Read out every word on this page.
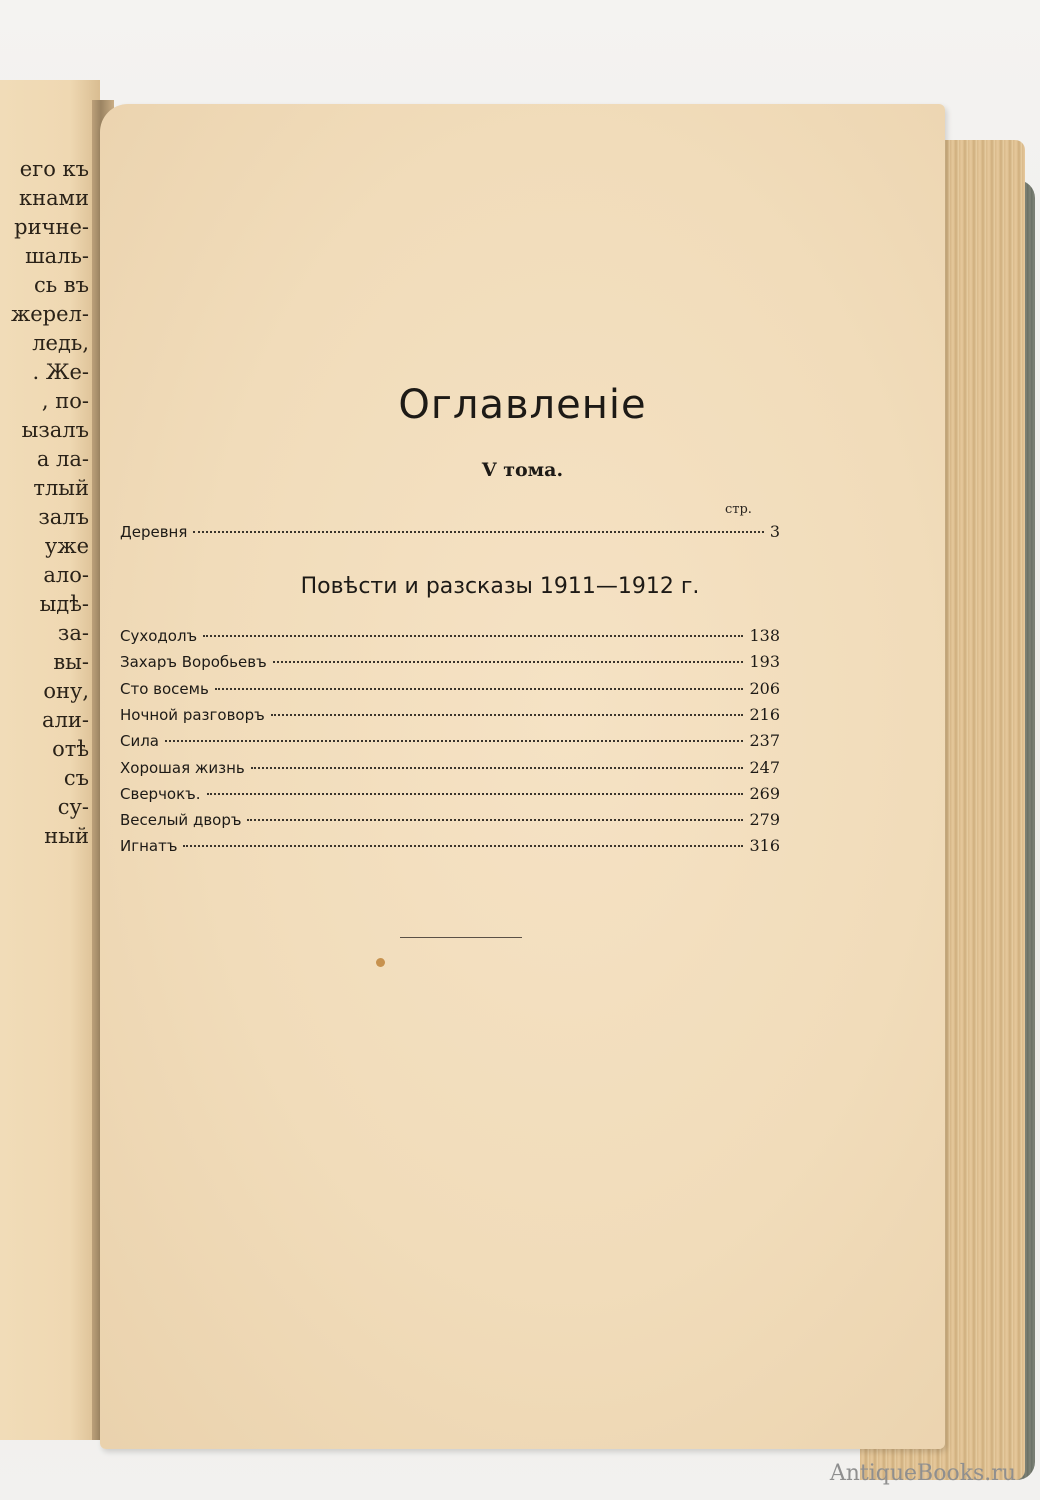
его къ
кнами
ричне-
шаль-
сь въ
жерел-
ледь,
. Же-
, по-
ызалъ
а ла-
тлый
залъ
уже
ало-
ыдѣ-
за-
вы-
ону,
али-
отѣ
съ
су-
ный
Оглавленіе
V тома.
стр.
Деревня	3
Повѣсти и разсказы 1911—1912 г.
Суходолъ	138
Захаръ Воробьевъ	193
Сто восемь	206
Ночной разговоръ	216
Сила	237
Хорошая жизнь	247
Сверчокъ.	269
Веселый дворъ	279
Игнатъ	316
AntiqueBooks.ru
